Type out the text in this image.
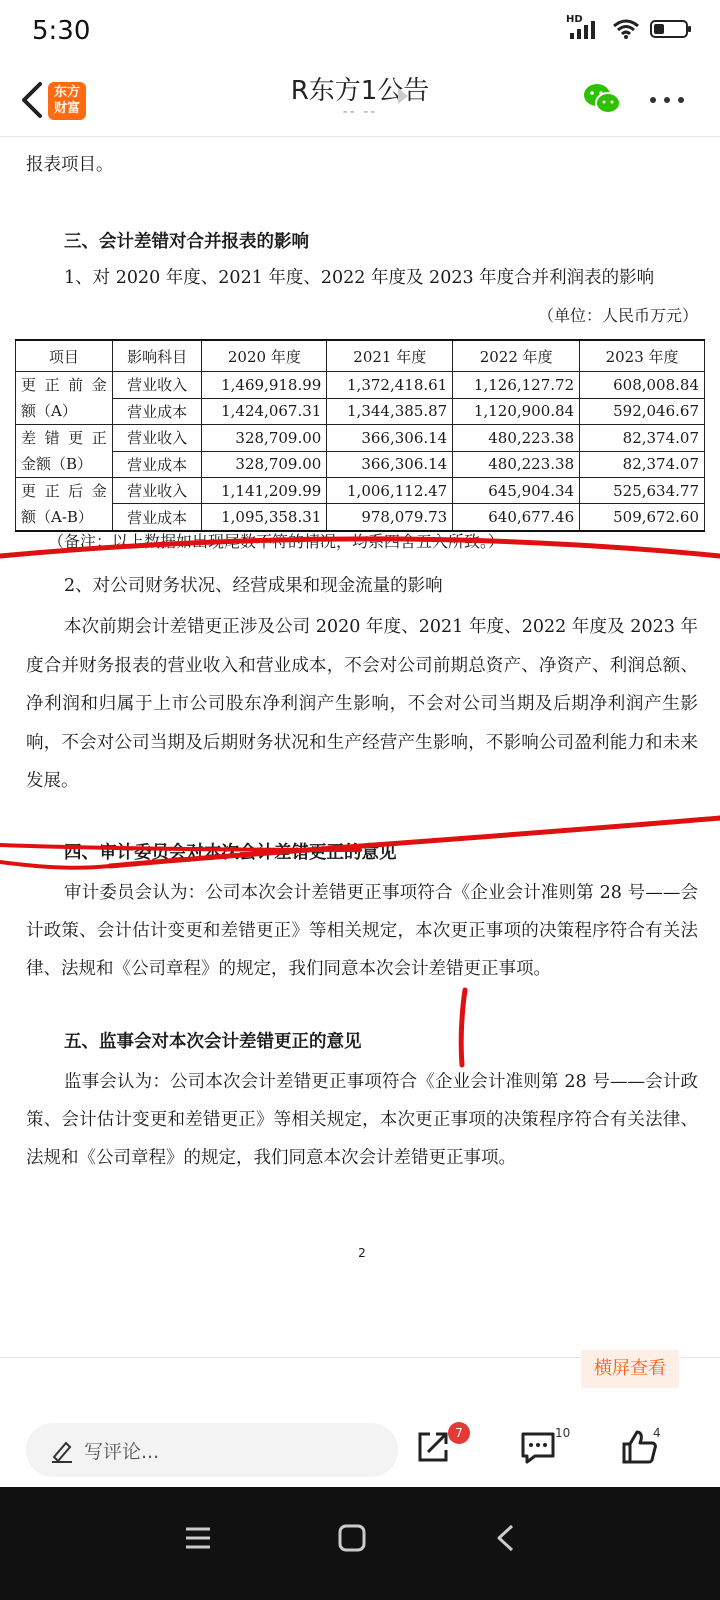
5:30	HD
东方
财富
R东方1公告
-- --
报表项目。
三、会计差错对合并报表的影响
1、对 2020 年度、2021 年度、2022 年度及 2023 年度合并利润表的影响
（单位：人民币万元）
项目	影响科目	2020 年度	2021 年度	2022 年度	2023 年度

更正前金
额（A）	营业收入	1,469,918.99	1,372,418.61	1,126,127.72	608,008.84
	营业成本	1,424,067.31	1,344,385.87	1,120,900.84	592,046.67

差错更正
金额（B）	营业收入	328,709.00	366,306.14	480,223.38	82,374.07
	营业成本	328,709.00	366,306.14	480,223.38	82,374.07

更正后金
额（A-B）	营业收入	1,141,209.99	1,006,112.47	645,904.34	525,634.77
	营业成本	1,095,358.31	978,079.73	640,677.46	509,672.60
（备注：以上数据如出现尾数不符的情况，均系四舍五入所致。）
2、对公司财务状况、经营成果和现金流量的影响
本次前期会计差错更正涉及公司 2020 年度、2021 年度、2022 年度及 2023 年度合并财务报表的营业收入和营业成本，不会对公司前期总资产、净资产、利润总额、净利润和归属于上市公司股东净利润产生影响，不会对公司当期及后期净利润产生影响，不会对公司当期及后期财务状况和生产经营产生影响，不影响公司盈利能力和未来发展。
四、审计委员会对本次会计差错更正的意见
审计委员会认为：公司本次会计差错更正事项符合《企业会计准则第 28 号——会计政策、会计估计变更和差错更正》等相关规定，本次更正事项的决策程序符合有关法律、法规和《公司章程》的规定，我们同意本次会计差错更正事项。
五、监事会对本次会计差错更正的意见
监事会认为：公司本次会计差错更正事项符合《企业会计准则第 28 号——会计政策、会计估计变更和差错更正》等相关规定，本次更正事项的决策程序符合有关法律、法规和《公司章程》的规定，我们同意本次会计差错更正事项。
2
横屏查看
写评论...
7	10	4
